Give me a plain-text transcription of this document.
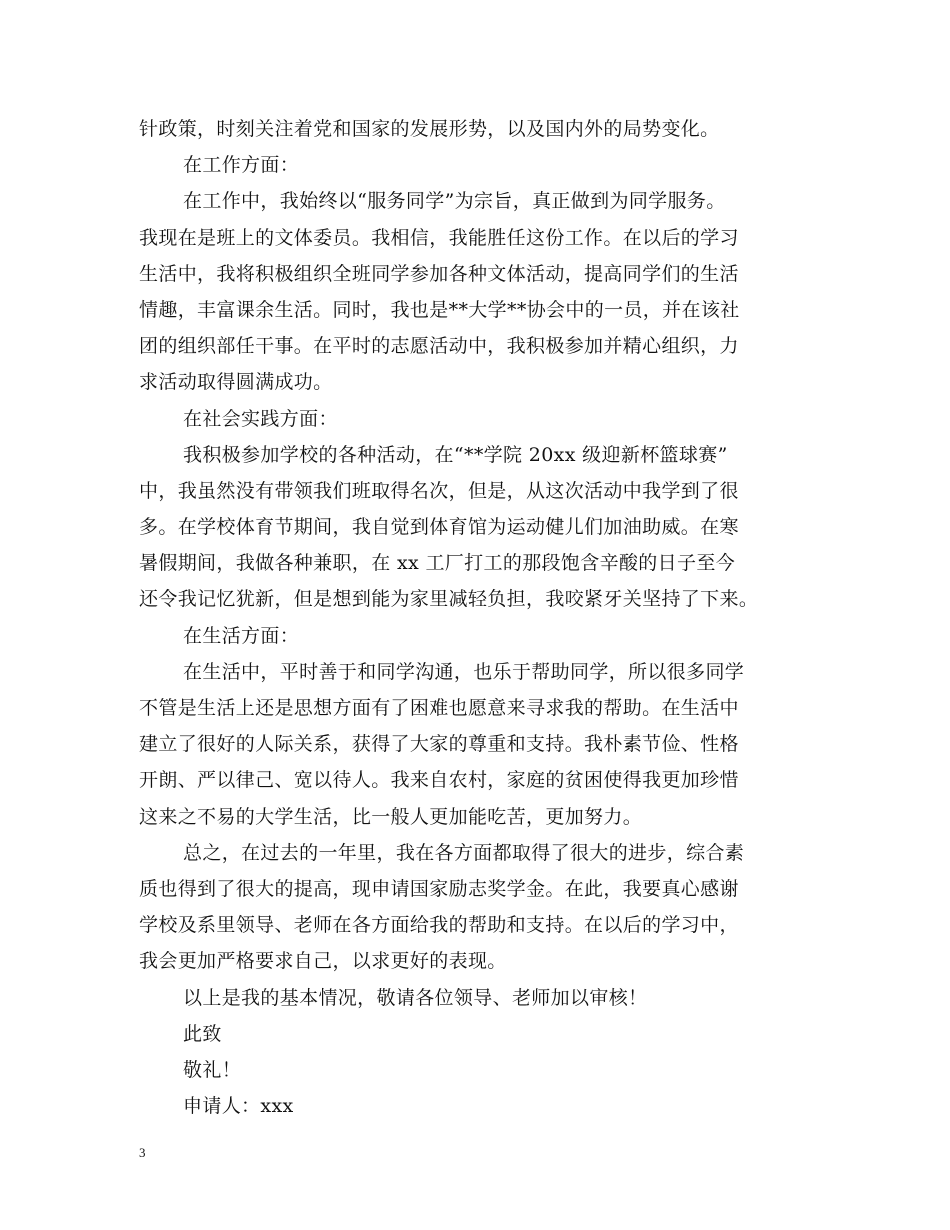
针政策，时刻关注着党和国家的发展形势，以及国内外的局势变化。
在工作方面：
在工作中，我始终以“服务同学”为宗旨，真正做到为同学服务。
我现在是班上的文体委员。我相信，我能胜任这份工作。在以后的学习
生活中，我将积极组织全班同学参加各种文体活动，提高同学们的生活
情趣，丰富课余生活。同时，我也是**大学**协会中的一员，并在该社
团的组织部任干事。在平时的志愿活动中，我积极参加并精心组织，力
求活动取得圆满成功。
在社会实践方面：
我积极参加学校的各种活动，在“**学院 20xx 级迎新杯篮球赛”
中，我虽然没有带领我们班取得名次，但是，从这次活动中我学到了很
多。在学校体育节期间，我自觉到体育馆为运动健儿们加油助威。在寒
暑假期间，我做各种兼职，在 xx 工厂打工的那段饱含辛酸的日子至今
还令我记忆犹新，但是想到能为家里减轻负担，我咬紧牙关坚持了下来。
在生活方面：
在生活中，平时善于和同学沟通，也乐于帮助同学，所以很多同学
不管是生活上还是思想方面有了困难也愿意来寻求我的帮助。在生活中
建立了很好的人际关系，获得了大家的尊重和支持。我朴素节俭、性格
开朗、严以律己、宽以待人。我来自农村，家庭的贫困使得我更加珍惜
这来之不易的大学生活，比一般人更加能吃苦，更加努力。
总之，在过去的一年里，我在各方面都取得了很大的进步，综合素
质也得到了很大的提高，现申请国家励志奖学金。在此，我要真心感谢
学校及系里领导、老师在各方面给我的帮助和支持。在以后的学习中，
我会更加严格要求自己，以求更好的表现。
以上是我的基本情况，敬请各位领导、老师加以审核！
此致
敬礼！
申请人：xxx
3
